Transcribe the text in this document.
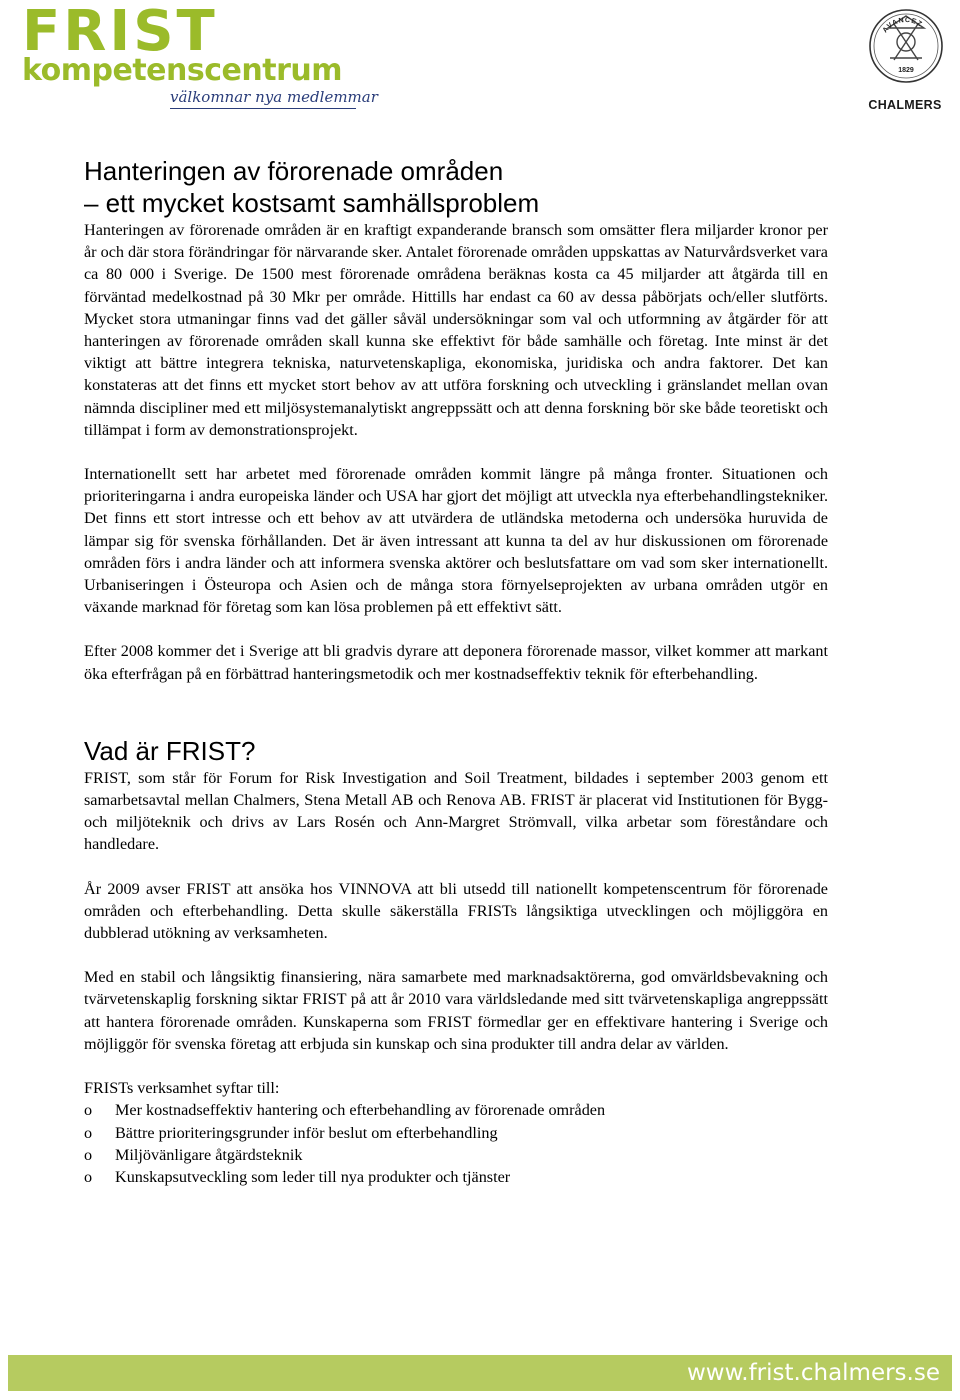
FRIST
kompetenscentrum
välkomnar nya medlemmar
AVANCEZ
1829
CHALMERS
Hanteringen av förorenade områden
– ett mycket kostsamt samhällsproblem

Hanteringen av förorenade områden är en kraftigt expanderande bransch som omsätter flera miljarder kronor per år och där stora förändringar för närvarande sker. Antalet förorenade områden uppskattas av Naturvårdsverket vara ca 80 000 i Sverige. De 1500 mest förorenade områdena beräknas kosta ca 45 miljarder att åtgärda till en förväntad medelkostnad på 30 Mkr per område. Hittills har endast ca 60 av dessa påbörjats och/eller slutförts. Mycket stora utmaningar finns vad det gäller såväl undersökningar som val och utformning av åtgärder för att hanteringen av förorenade områden skall kunna ske effektivt för både samhälle och företag. Inte minst är det viktigt att bättre integrera tekniska, naturvetenskapliga, ekonomiska, juridiska och andra faktorer. Det kan konstateras att det finns ett mycket stort behov av att utföra forskning och utveckling i gränslandet mellan ovan nämnda discipliner med ett miljösystemanalytiskt angreppssätt och att denna forskning bör ske både teoretiskt och tillämpat i form av demonstrationsprojekt.

Internationellt sett har arbetet med förorenade områden kommit längre på många fronter. Situationen och prioriteringarna i andra europeiska länder och USA har gjort det möjligt att utveckla nya efterbehandlingstekniker. Det finns ett stort intresse och ett behov av att utvärdera de utländska metoderna och undersöka huruvida de lämpar sig för svenska förhållanden. Det är även intressant att kunna ta del av hur diskussionen om förorenade områden förs i andra länder och att informera svenska aktörer och beslutsfattare om vad som sker internationellt. Urbaniseringen i Östeuropa och Asien och de många stora förnyelseprojekten av urbana områden utgör en växande marknad för företag som kan lösa problemen på ett effektivt sätt.

Efter 2008 kommer det i Sverige att bli gradvis dyrare att deponera förorenade massor, vilket kommer att markant öka efterfrågan på en förbättrad hanteringsmetodik och mer kostnadseffektiv teknik för efterbehandling.

Vad är FRIST?

FRIST, som står för Forum for Risk Investigation and Soil Treatment, bildades i september 2003 genom ett samarbetsavtal mellan Chalmers, Stena Metall AB och Renova AB. FRIST är placerat vid Institutionen för Bygg- och miljöteknik och drivs av Lars Rosén och Ann-Margret Strömvall, vilka arbetar som föreståndare och handledare.

År 2009 avser FRIST att ansöka hos VINNOVA att bli utsedd till nationellt kompetenscentrum för förorenade områden och efterbehandling. Detta skulle säkerställa FRISTs långsiktiga utvecklingen och möjliggöra en dubblerad utökning av verksamheten.

Med en stabil och långsiktig finansiering, nära samarbete med marknadsaktörerna, god omvärldsbevakning och tvärvetenskaplig forskning siktar FRIST på att år 2010 vara världsledande med sitt tvärvetenskapliga angreppssätt att hantera förorenade områden. Kunskaperna som FRIST förmedlar ger en effektivare hantering i Sverige och möjliggör för svenska företag att erbjuda sin kunskap och sina produkter till andra delar av världen.

FRISTs verksamhet syftar till:

o	Mer kostnadseffektiv hantering och efterbehandling av förorenade områden
o	Bättre prioriteringsgrunder inför beslut om efterbehandling
o	Miljövänligare åtgärdsteknik
o	Kunskapsutveckling som leder till nya produkter och tjänster
www.frist.chalmers.se
